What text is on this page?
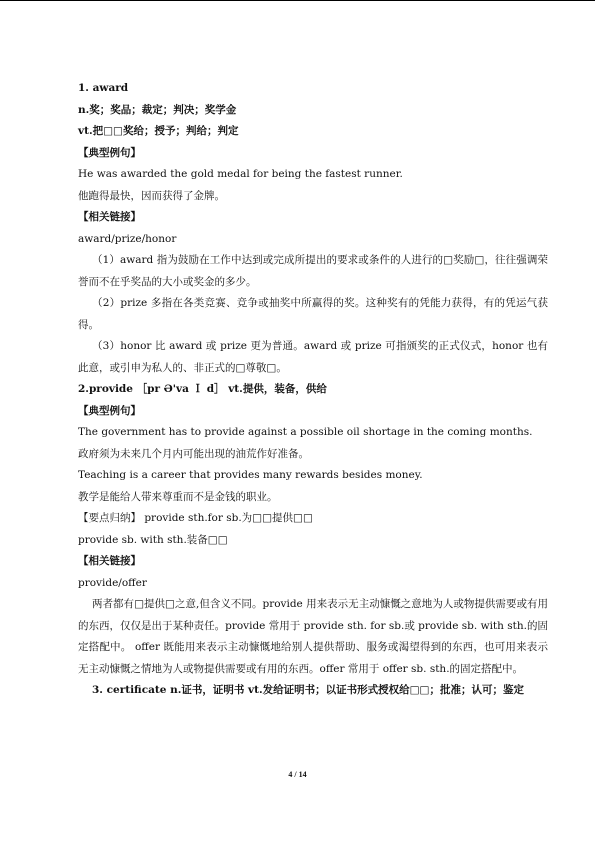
1. award

n.奖；奖品；裁定；判决；奖学金

vt.把□□奖给；授予；判给；判定

【典型例句】

He was awarded the gold medal for being the fastest runner.

他跑得最快，因而获得了金牌。

【相关链接】

award/prize/honor

（1）award 指为鼓励在工作中达到或完成所提出的要求或条件的人进行的□奖励□，往往强调荣誉而不在乎奖品的大小或奖金的多少。

（2）prize 多指在各类竞赛、竞争或抽奖中所赢得的奖。这种奖有的凭能力获得，有的凭运气获得。

（3）honor 比 award 或 prize 更为普通。award 或 prize 可指颁奖的正式仪式，honor 也有此意，或引申为私人的、非正式的□尊敬□。

2.provide ［pr Ə'va Ｉ d］ vt.提供，装备，供给

【典型例句】

The government has to provide against a possible oil shortage in the coming months.

政府须为未来几个月内可能出现的油荒作好准备。

Teaching is a career that provides many rewards besides money.

教学是能给人带来尊重而不是金钱的职业。

【要点归纳】 provide sth.for sb.为□□提供□□

provide sb. with sth.装备□□

【相关链接】

provide/offer

两者都有□提供□之意,但含义不同。provide 用来表示无主动慷慨之意地为人或物提供需要或有用的东西，仅仅是出于某种责任。provide 常用于 provide sth. for sb.或 provide sb. with sth.的固定搭配中。 offer 既能用来表示主动慷慨地给别人提供帮助、服务或渴望得到的东西，也可用来表示无主动慷慨之情地为人或物提供需要或有用的东西。offer 常用于 offer sb. sth.的固定搭配中。

3. certificate n.证书，证明书 vt.发给证明书；以证书形式授权给□□；批准；认可；鉴定

4 / 14
